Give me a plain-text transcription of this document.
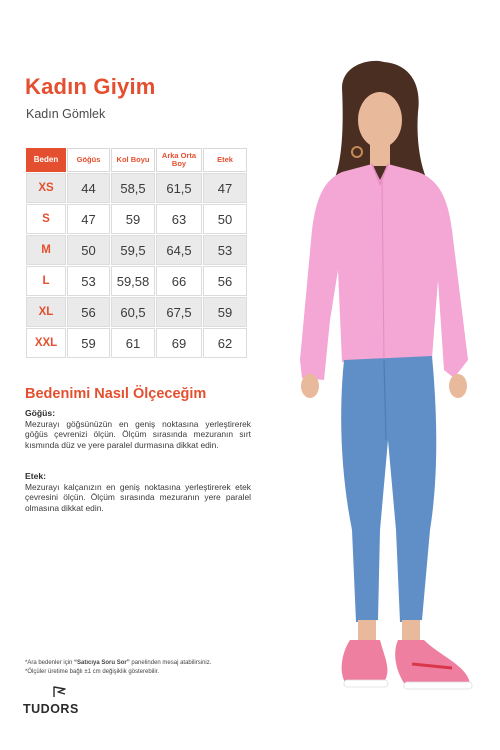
Kadın Giyim
Kadın Gömlek
Beden	Göğüs	Kol Boyu	Arka Orta Boy	Etek
XS	44	58,5	61,5	47
S	47	59	63	50
M	50	59,5	64,5	53
L	53	59,58	66	56
XL	56	60,5	67,5	59
XXL	59	61	69	62
Bedenimi Nasıl Ölçeceğim
Göğüs:
Mezurayı göğsünüzün en geniş noktasına yerleştirerek göğüs çevrenizi ölçün. Ölçüm sırasında mezuranın sırt kısmında düz ve yere paralel durmasına dikkat edin.
Etek:
Mezurayı kalçanızın en geniş noktasına yerleştirerek etek çevresini ölçün. Ölçüm sırasında mezuranın yere paralel olmasına dikkat edin.
*Ara bedenler için “Satıcıya Soru Sor” panelinden mesaj atabilirsiniz.
*Ölçüler üretime bağlı ±1 cm değişiklik gösterebilir.
TUDORS
